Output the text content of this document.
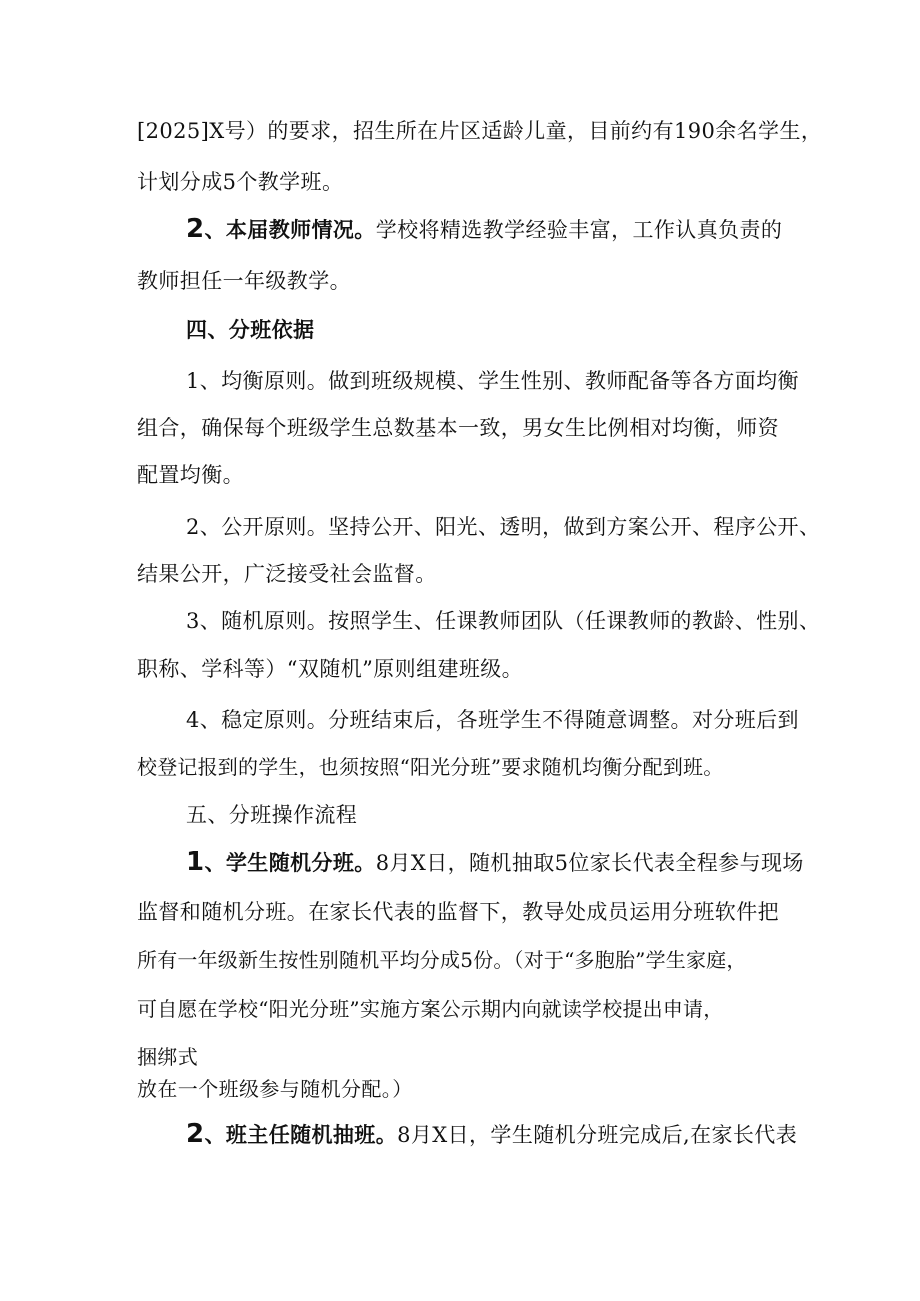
[2025]X号）的要求，招生所在片区适龄儿童，目前约有190余名学生，
计划分成5个教学班。
2、本届教师情况。学校将精选教学经验丰富，工作认真负责的
教师担任一年级教学。
四、分班依据
1、均衡原则。做到班级规模、学生性别、教师配备等各方面均衡
组合，确保每个班级学生总数基本一致，男女生比例相对均衡，师资
配置均衡。
2、公开原则。坚持公开、阳光、透明，做到方案公开、程序公开、
结果公开，广泛接受社会监督。
3、随机原则。按照学生、任课教师团队（任课教师的教龄、性别、
职称、学科等）“双随机”原则组建班级。
4、稳定原则。分班结束后，各班学生不得随意调整。对分班后到
校登记报到的学生，也须按照“阳光分班”要求随机均衡分配到班。
五、分班操作流程
1、学生随机分班。8月X日，随机抽取5位家长代表全程参与现场
监督和随机分班。在家长代表的监督下，教导处成员运用分班软件把
所有一年级新生按性别随机平均分成5份。（对于“多胞胎”学生家庭，
可自愿在学校“阳光分班”实施方案公示期内向就读学校提出申请，
捆绑式
放在一个班级参与随机分配。）
2、班主任随机抽班。8月X日，学生随机分班完成后,在家长代表
